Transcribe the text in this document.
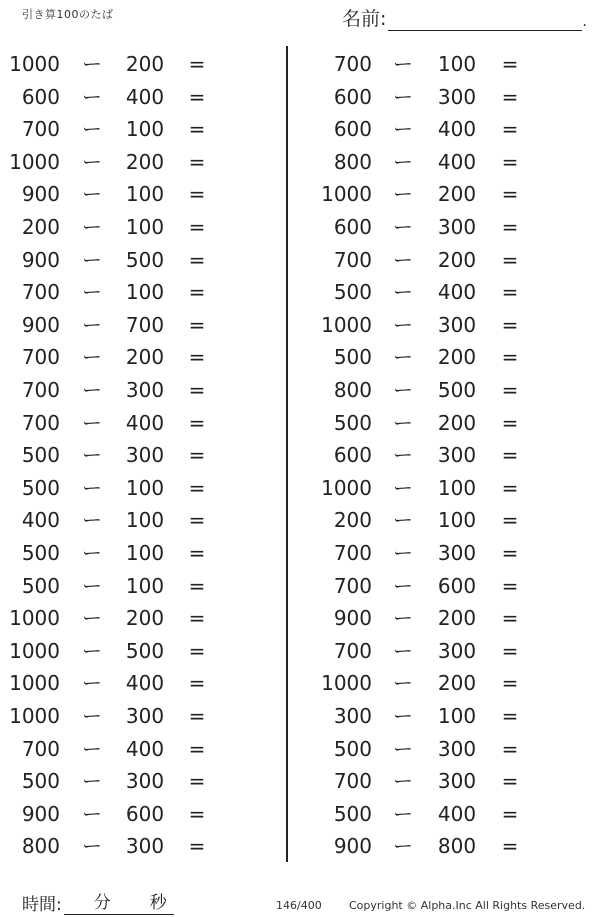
引き算100のたば	名前:	.
1000 ー	200	=
600 ー	400	=
700 ー	100	=
1000 ー	200	=
900 ー	100	=
200 ー	100	=
900 ー	500	=
700 ー	100	=
900 ー	700	=
700 ー	200	=
700 ー	300	=
700 ー	400	=
500 ー	300	=
500 ー	100	=
400 ー	100	=
500 ー	100	=
500 ー	100	=
1000 ー	200	=
1000 ー	500	=
1000 ー	400	=
1000 ー	300	=
700 ー	400	=
500 ー	300	=
900 ー	600	=
800 ー	300	=
700 ー	100	=
600 ー	300	=
600 ー	400	=
800 ー	400	=
1000 ー	200	=
600 ー	300	=
700 ー	200	=
500 ー	400	=
1000 ー	300	=
500 ー	200	=
800 ー	500	=
500 ー	200	=
600 ー	300	=
1000 ー	100	=
200 ー	100	=
700 ー	300	=
700 ー	600	=
900 ー	200	=
700 ー	300	=
1000 ー	200	=
300 ー	100	=
500 ー	300	=
700 ー	300	=
500 ー	400	=
900 ー	800	=
時間: 分 秒	146/400 Copyright © Alpha.Inc All Rights Reserved.
